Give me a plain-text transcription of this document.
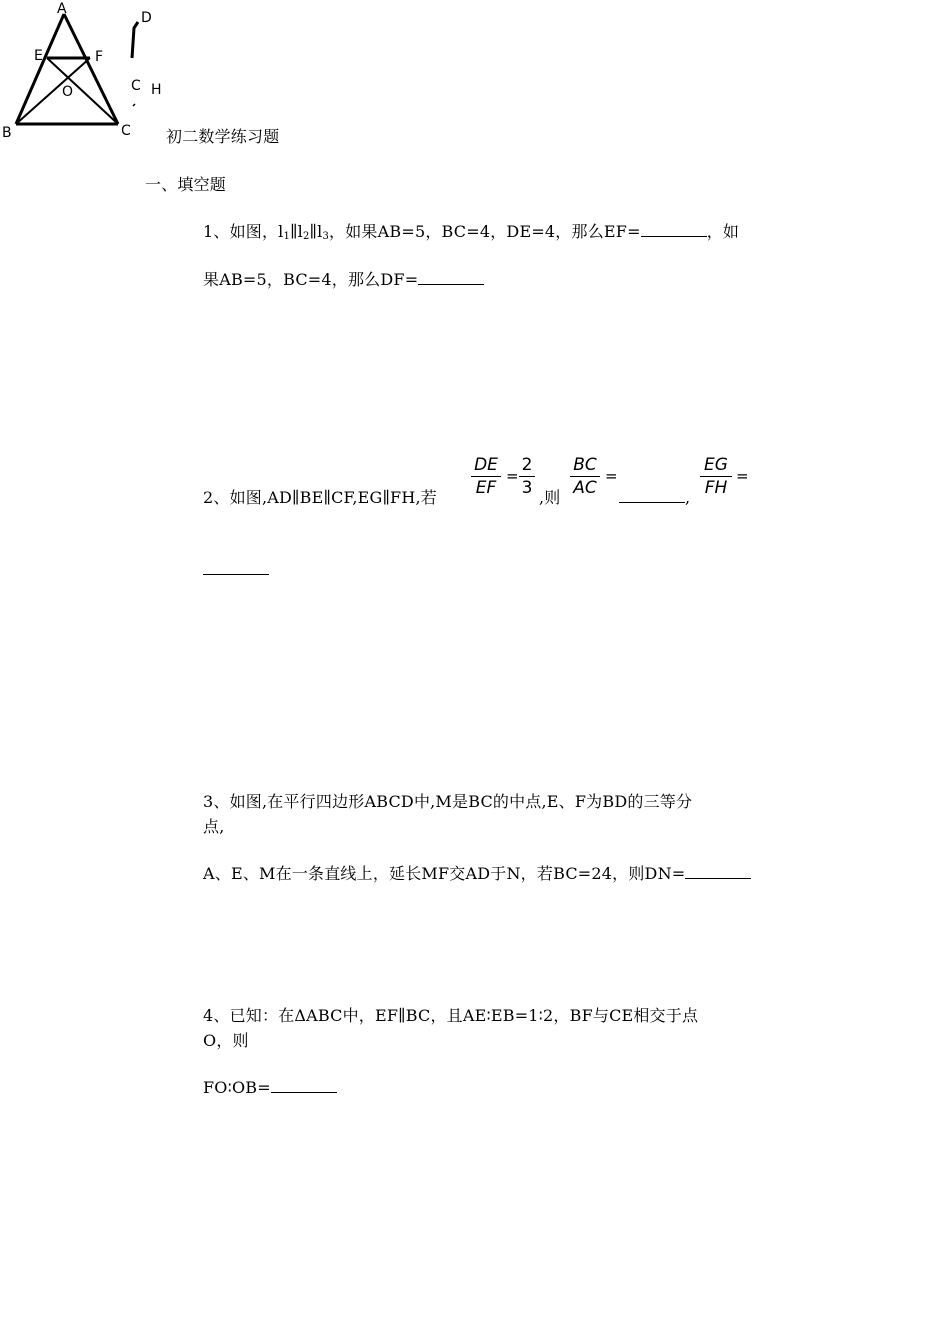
A
E	F
O
B	C
D
C H
初二数学练习题
一、填空题
1、如图，$l_1\parallel l_2\parallel l_3$，如果AB=5，BC=4，DE=4，那么EF=	，如
果AB=5，BC=4，那么DF=
2、如图,AD∥BE∥CF,EG∥FH,若
DE
EF
=
2
3 ,则
BC
AC
=
,
EG
FH
=
3、如图,在平行四边形ABCD中,M是BC的中点,E、F为BD的三等分
点,
A、E、M在一条直线上，延长MF交AD于N，若BC=24，则DN=
4、已知：在ΔABC中，EF∥BC，且AE∶EB=1∶2，BF与CE相交于点
O，则
FO∶OB=
